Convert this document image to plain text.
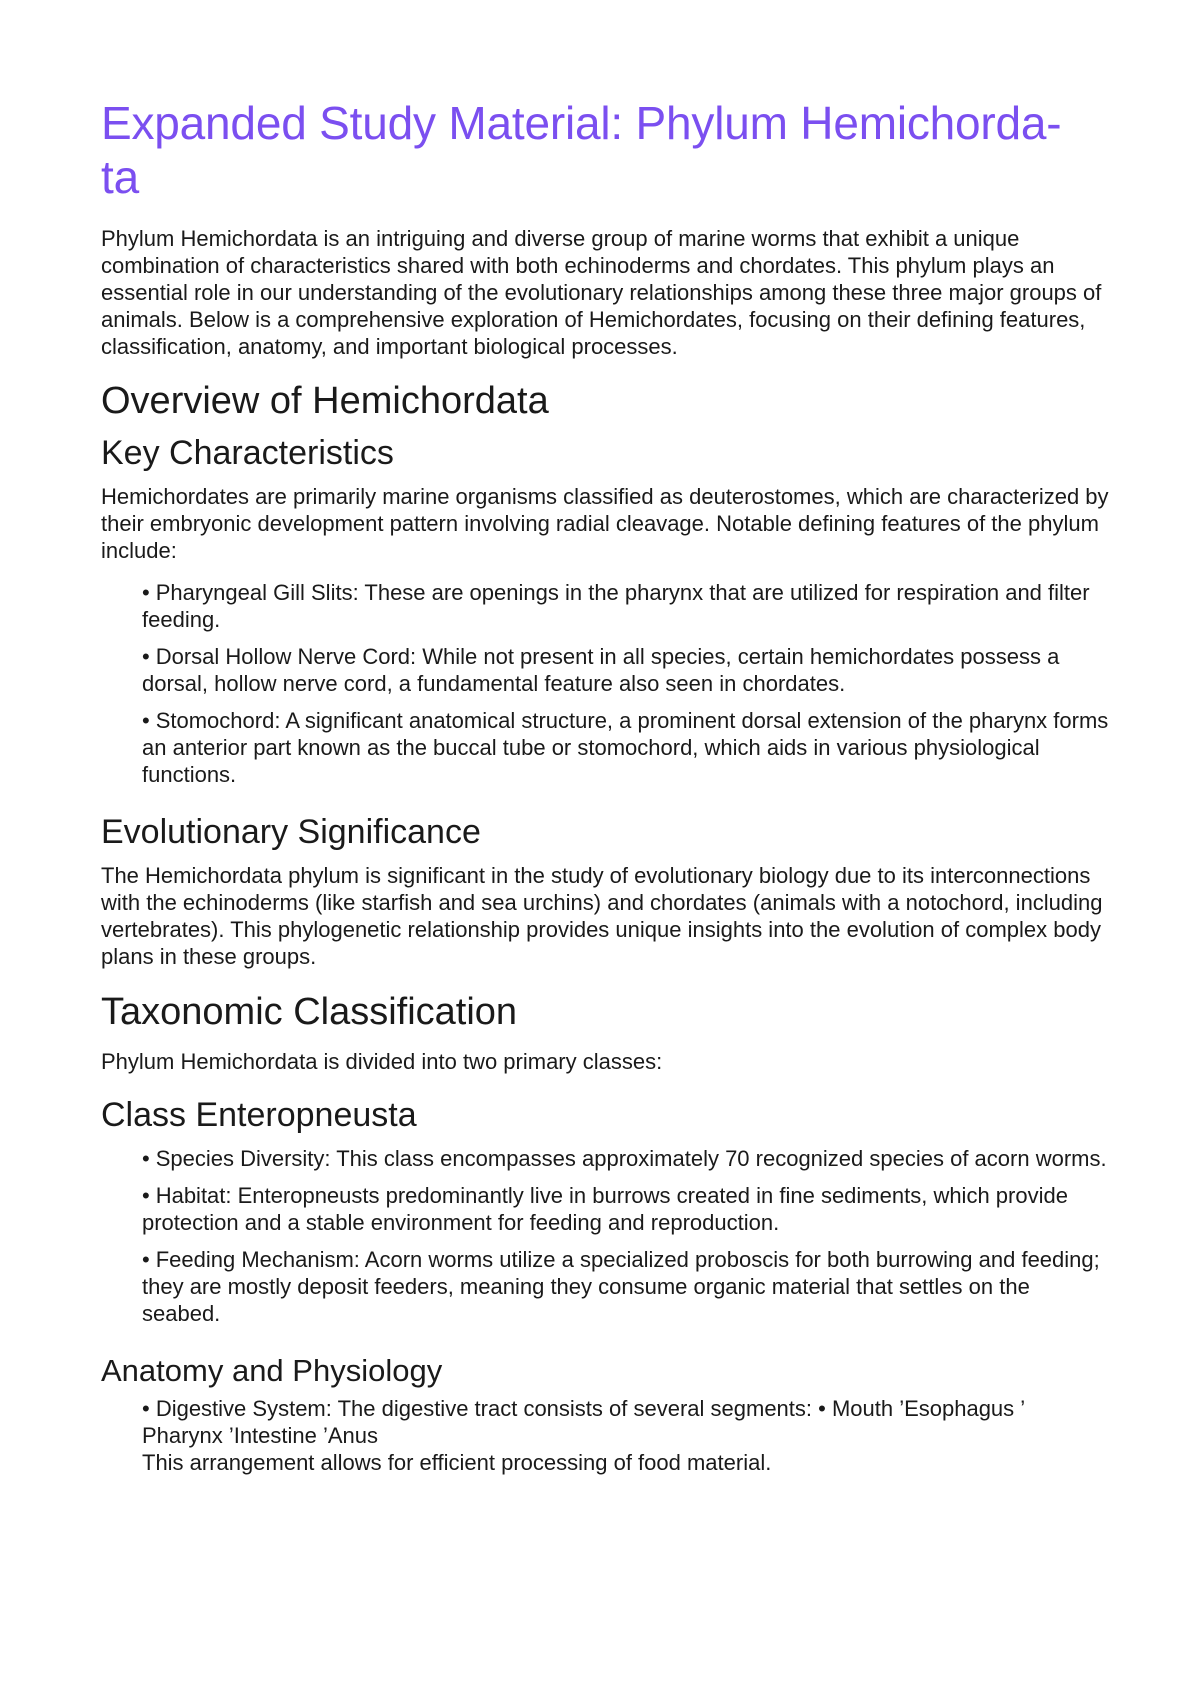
Expanded Study Material: Phylum Hemichorda-
ta

Phylum Hemichordata is an intriguing and diverse group of marine worms that exhibit a unique combination of characteristics shared with both echinoderms and chordates. This phylum plays an essential role in our understanding of the evolutionary relationships among these three major groups of animals. Below is a comprehensive exploration of Hemichordates, focusing on their defining features, classification, anatomy, and important biological processes.

Overview of Hemichordata
Key Characteristics

Hemichordates are primarily marine organisms classified as deuterostomes, which are characterized by their embryonic development pattern involving radial cleavage. Notable defining features of the phylum include:

• Pharyngeal Gill Slits: These are openings in the pharynx that are utilized for respiration and filter feeding.
• Dorsal Hollow Nerve Cord: While not present in all species, certain hemichordates possess a dorsal, hollow nerve cord, a fundamental feature also seen in chordates.
• Stomochord: A significant anatomical structure, a prominent dorsal extension of the pharynx forms an anterior part known as the buccal tube or stomochord, which aids in various physiological functions.
Evolutionary Significance

The Hemichordata phylum is significant in the study of evolutionary biology due to its interconnections with the echinoderms (like starfish and sea urchins) and chordates (animals with a notochord, including vertebrates). This phylogenetic relationship provides unique insights into the evolution of complex body plans in these groups.

Taxonomic Classification

Phylum Hemichordata is divided into two primary classes:

Class Enteropneusta
• Species Diversity: This class encompasses approximately 70 recognized species of acorn worms.
• Habitat: Enteropneusts predominantly live in burrows created in fine sediments, which provide protection and a stable environment for feeding and reproduction.
• Feeding Mechanism: Acorn worms utilize a specialized proboscis for both burrowing and feeding; they are mostly deposit feeders, meaning they consume organic material that settles on the seabed.
Anatomy and Physiology

• Digestive System: The digestive tract consists of several segments: • Mouth ’Esophagus ’ Pharynx ’Intestine ’Anus

This arrangement allows for efficient processing of food material.
